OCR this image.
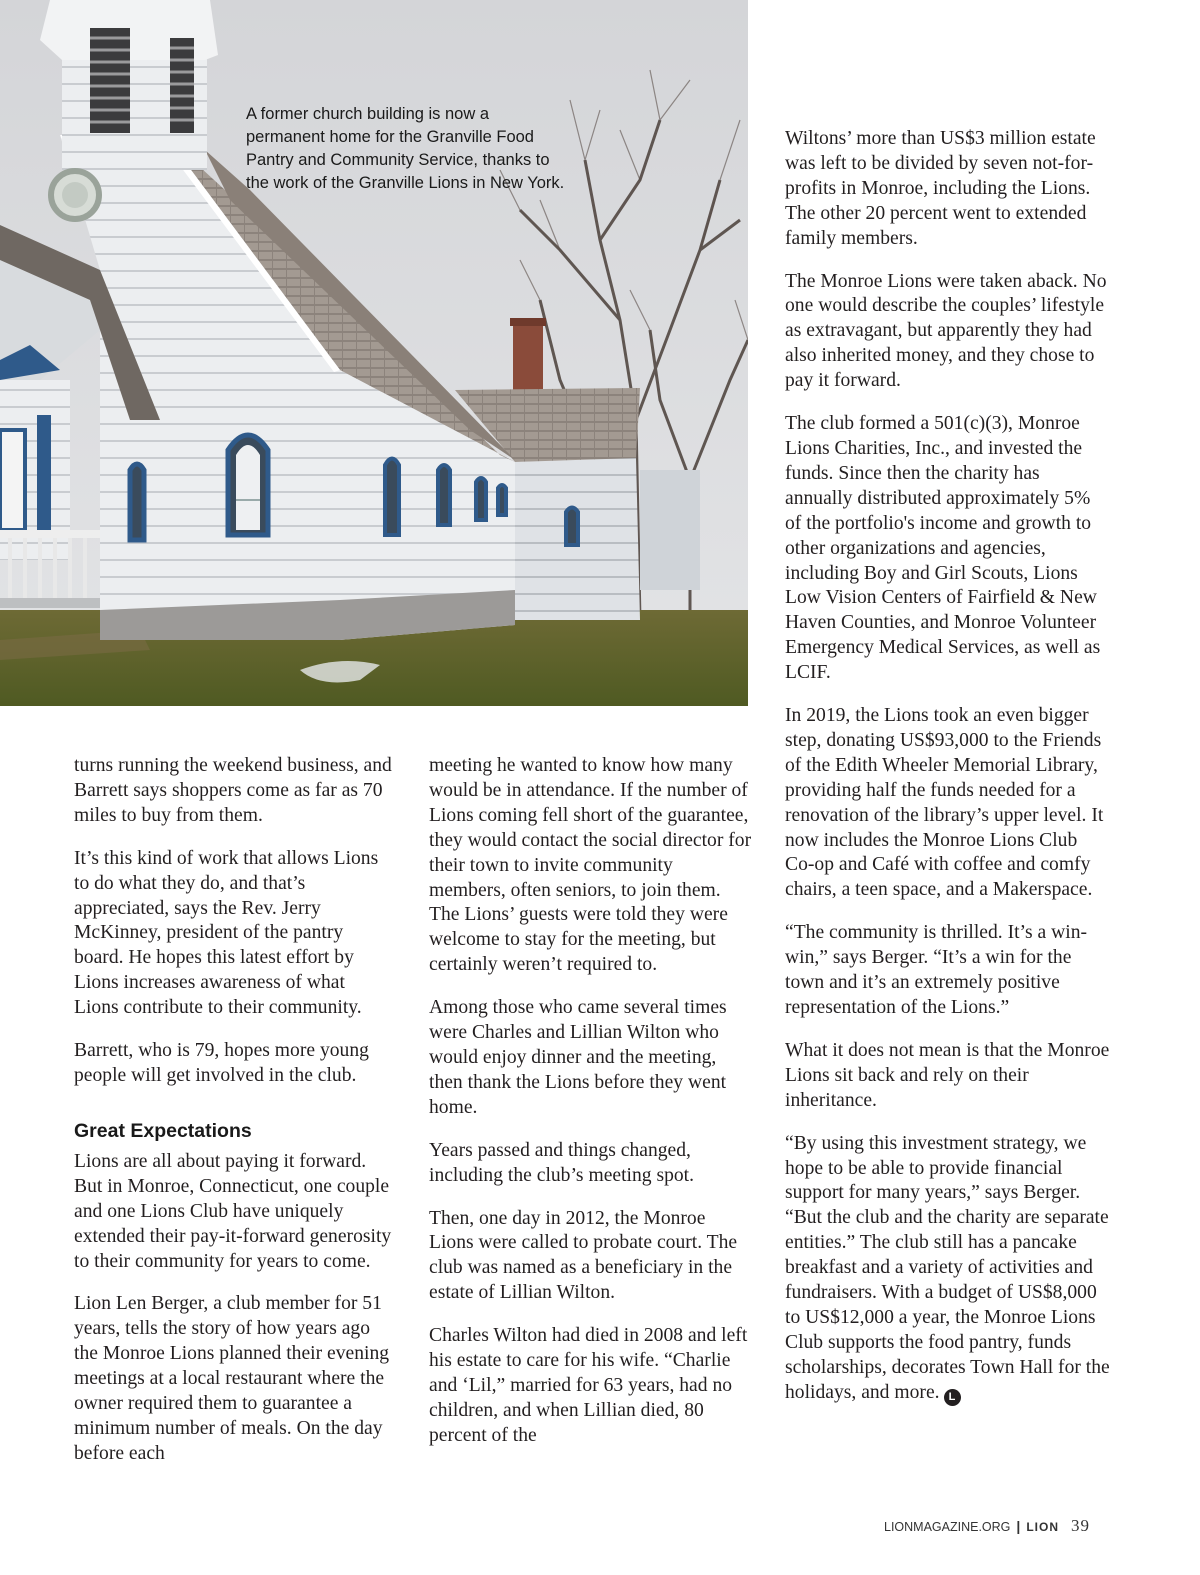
A former church building is now a permanent home for the Granville Food Pantry and Community Service, thanks to the work of the Granville Lions in New York.

turns running the weekend business, and Barrett says shoppers come as far as 70 miles to buy from them.

It’s this kind of work that allows Lions to do what they do, and that’s appreciated, says the Rev. Jerry McKinney, president of the pantry board. He hopes this latest effort by Lions increases awareness of what Lions contribute to their community.

Barrett, who is 79, hopes more young people will get involved in the club.

Great Expectations

Lions are all about paying it forward. But in Monroe, Connecticut, one couple and one Lions Club have uniquely extended their pay-it-forward generosity to their community for years to come.

Lion Len Berger, a club member for 51 years, tells the story of how years ago the Monroe Lions planned their evening meetings at a local restaurant where the owner required them to guarantee a minimum number of meals. On the day before each

meeting he wanted to know how many would be in attendance. If the number of Lions coming fell short of the guarantee, they would contact the social director for their town to invite community members, often seniors, to join them. The Lions’ guests were told they were welcome to stay for the meeting, but certainly weren’t required to.

Among those who came several times were Charles and Lillian Wilton who would enjoy dinner and the meeting, then thank the Lions before they went home.

Years passed and things changed, including the club’s meeting spot.

Then, one day in 2012, the Monroe Lions were called to probate court. The club was named as a beneficiary in the estate of Lillian Wilton.

Charles Wilton had died in 2008 and left his estate to care for his wife. “Charlie and ‘Lil,” married for 63 years, had no children, and when Lillian died, 80 percent of the

Wiltons’ more than US$3 million estate was left to be divided by seven not-for-profits in Monroe, including the Lions. The other 20 percent went to extended family members.

The Monroe Lions were taken aback. No one would describe the couples’ lifestyle as extravagant, but apparently they had also inherited money, and they chose to pay it forward.

The club formed a 501(c)(3), Monroe Lions Charities, Inc., and invested the funds. Since then the charity has annually distributed approximately 5% of the portfolio's income and growth to other organizations and agencies, including Boy and Girl Scouts, Lions Low Vision Centers of Fairfield & New Haven Counties, and Monroe Volunteer Emergency Medical Services, as well as LCIF.

In 2019, the Lions took an even bigger step, donating US$93,000 to the Friends of the Edith Wheeler Memorial Library, providing half the funds needed for a renovation of the library’s upper level. It now includes the Monroe Lions Club Co-op and Café with coffee and comfy chairs, a teen space, and a Makerspace.

“The community is thrilled. It’s a win-win,” says Berger. “It’s a win for the town and it’s an extremely positive representation of the Lions.”

What it does not mean is that the Monroe Lions sit back and rely on their inheritance.

“By using this investment strategy, we hope to be able to provide financial support for many years,” says Berger. “But the club and the charity are separate entities.” The club still has a pancake breakfast and a variety of activities and fundraisers. With a budget of US$8,000 to US$12,000 a year, the Monroe Lions Club supports the food pantry, funds scholarships, decorates Town Hall for the holidays, and more. L

LIONMAGAZINE.ORG | LION 39
